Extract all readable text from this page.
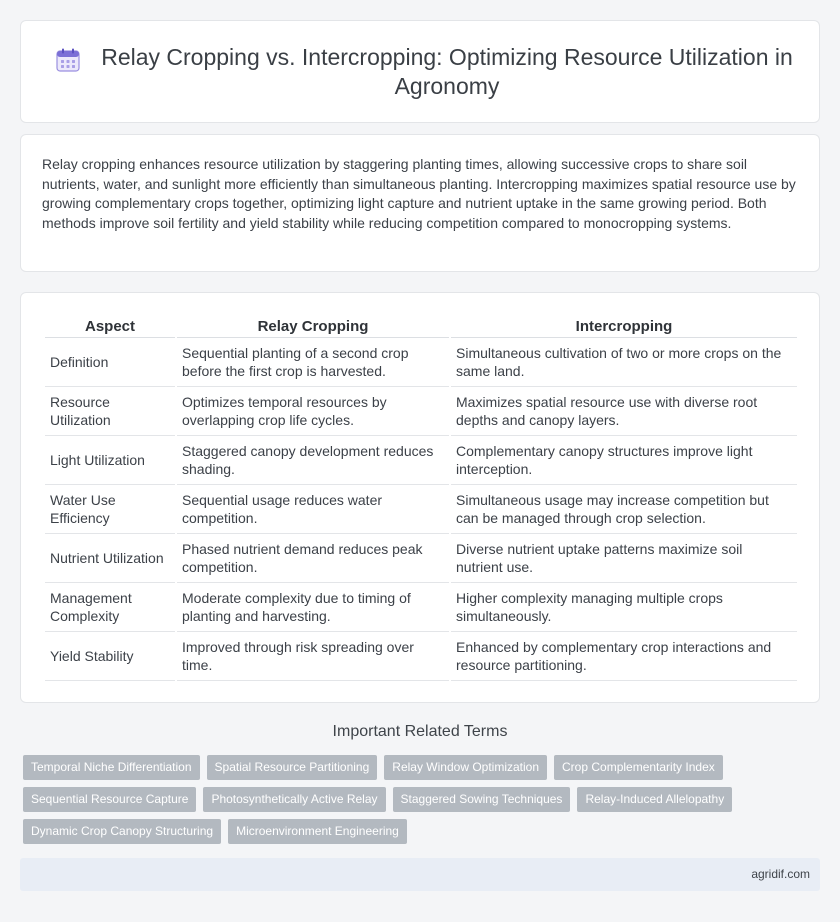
Relay Cropping vs. Intercropping: Optimizing Resource Utilization in Agronomy

Relay cropping enhances resource utilization by staggering planting times, allowing successive crops to share soil nutrients, water, and sunlight more efficiently than simultaneous planting. Intercropping maximizes spatial resource use by growing complementary crops together, optimizing light capture and nutrient uptake in the same growing period. Both methods improve soil fertility and yield stability while reducing competition compared to monocropping systems.

Aspect	Relay Cropping	Intercropping
Definition	Sequential planting of a second crop before the first crop is harvested.	Simultaneous cultivation of two or more crops on the same land.
Resource Utilization	Optimizes temporal resources by overlapping crop life cycles.	Maximizes spatial resource use with diverse root depths and canopy layers.
Light Utilization	Staggered canopy development reduces shading.	Complementary canopy structures improve light interception.
Water Use Efficiency	Sequential usage reduces water competition.	Simultaneous usage may increase competition but can be managed through crop selection.
Nutrient Utilization	Phased nutrient demand reduces peak competition.	Diverse nutrient uptake patterns maximize soil nutrient use.
Management Complexity	Moderate complexity due to timing of planting and harvesting.	Higher complexity managing multiple crops simultaneously.
Yield Stability	Improved through risk spreading over time.	Enhanced by complementary crop interactions and resource partitioning.
Important Related Terms
Temporal Niche Differentiation	Spatial Resource Partitioning	Relay Window Optimization	Crop Complementarity Index
Sequential Resource Capture	Photosynthetically Active Relay	Staggered Sowing Techniques	Relay-Induced Allelopathy
Dynamic Crop Canopy Structuring	Microenvironment Engineering
agridif.com
